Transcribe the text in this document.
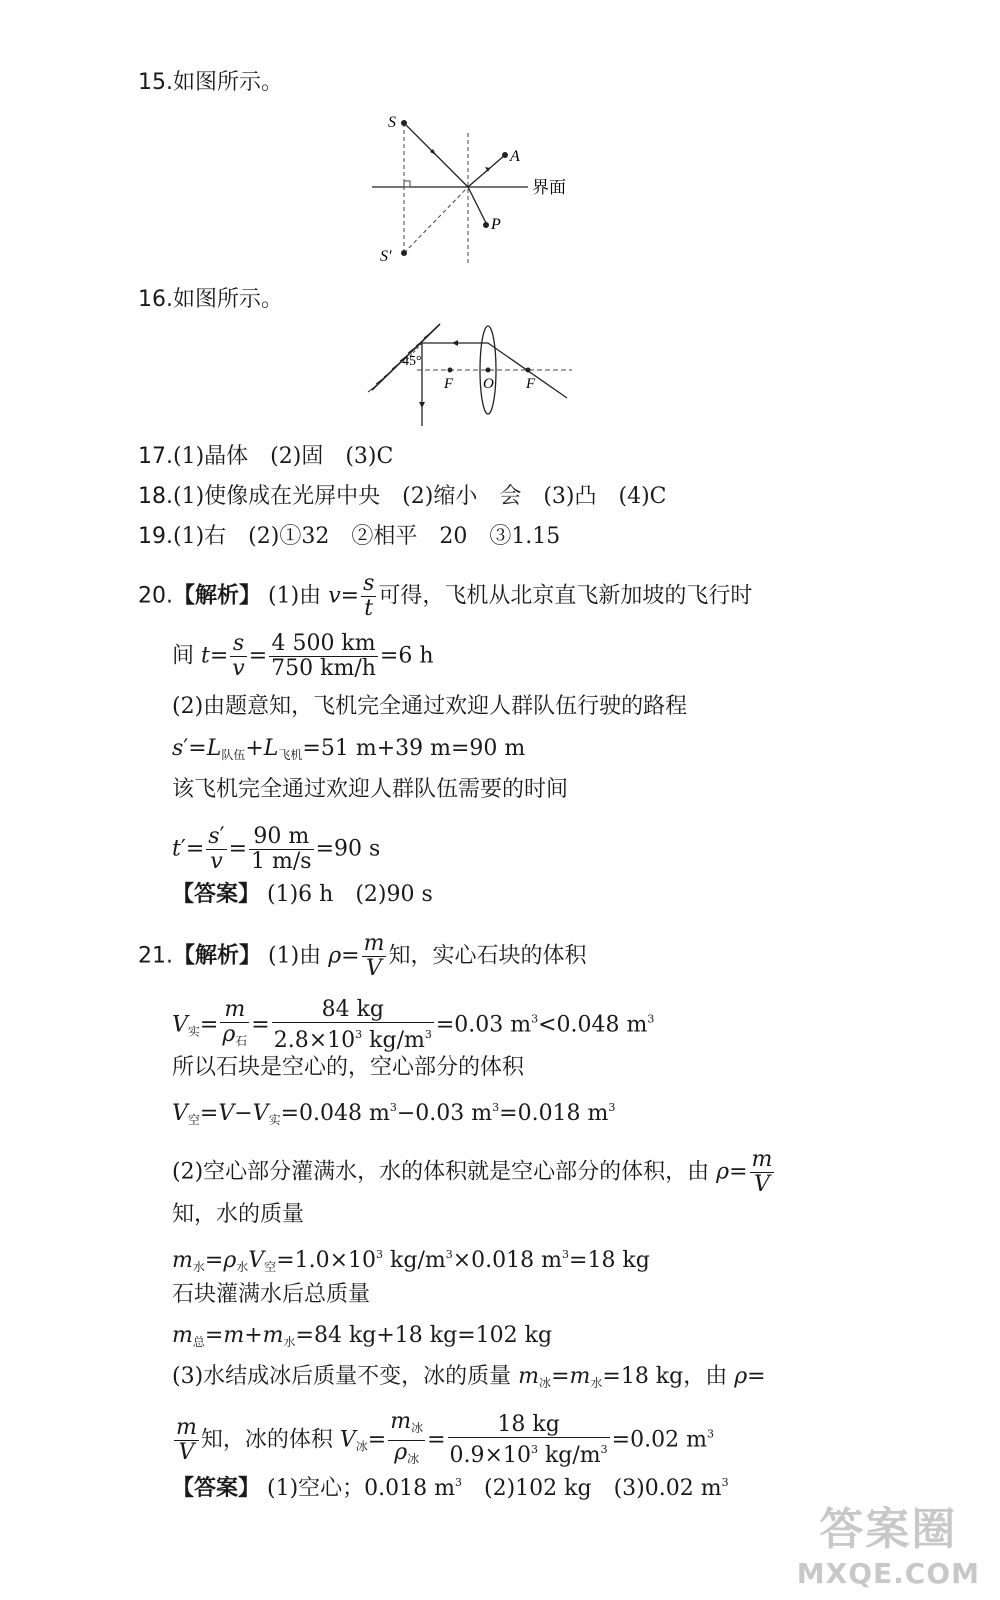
15.如图所示。
S
A
界面
P
S′
16.如图所示。
45°
F O F
17.(1)晶体　(2)固　(3)C
18.(1)使像成在光屏中央　(2)缩小　会　(3)凸　(4)C
19.(1)右　(2)①32　②相平　20　③1.15
20.【解析】 (1)由 $v= \frac{s}{t}$ 可得，飞机从北京直飞新加坡的飞行时
间 $t= \frac{s}{v} = \frac{4 500 km}{750 km/h} =6$ h
(2)由题意知，飞机完全通过欢迎人群队伍行驶的路程
$s'=L_{队伍}+L_{飞机}=51$ m+39 m=90 m
该飞机完全通过欢迎人群队伍需要的时间
$t'= \frac{s'}{v} = \frac{90 m}{1 m/s} =90$ s
【答案】 (1)6 h　(2)90 s
21.【解析】 (1)由 $\rho= \frac{m}{V}$ 知，实心石块的体积
$V_实= \frac{m}{\rho_石} = \frac{84 kg}{2.8\times 10^3 kg/m^3} =0.03$ $m^3<0.048$ $m^3$
所以石块是空心的，空心部分的体积
$V_空=V-V_实=0.048$ $m^3-0.03$ $m^3=0.018$ $m^3$
(2)空心部分灌满水，水的体积就是空心部分的体积，由 $\rho= \frac{m}{V}$
知，水的质量
$m_水=\rho_水V_空=1.0\times 10^3$ $kg/m^3\times 0.018$ $m^3=18$ kg
石块灌满水后总质量
$m_总=m+m_水=84$ kg+18 kg=102 kg
(3)水结成冰后质量不变，冰的质量 $m_冰=m_水=18$ kg，由 ρ=
$\frac{m}{V}$ 知，冰的体积 $V_冰= \frac{m_冰}{\rho_冰} = \frac{18 kg}{0.9\times 10^3 kg/m^3} =0.02$ $m^3$
【答案】 (1)空心；0.018 $m^3$　(2)102 kg　(3)0.02 $m^3$
答案圈
MXQE.COM
